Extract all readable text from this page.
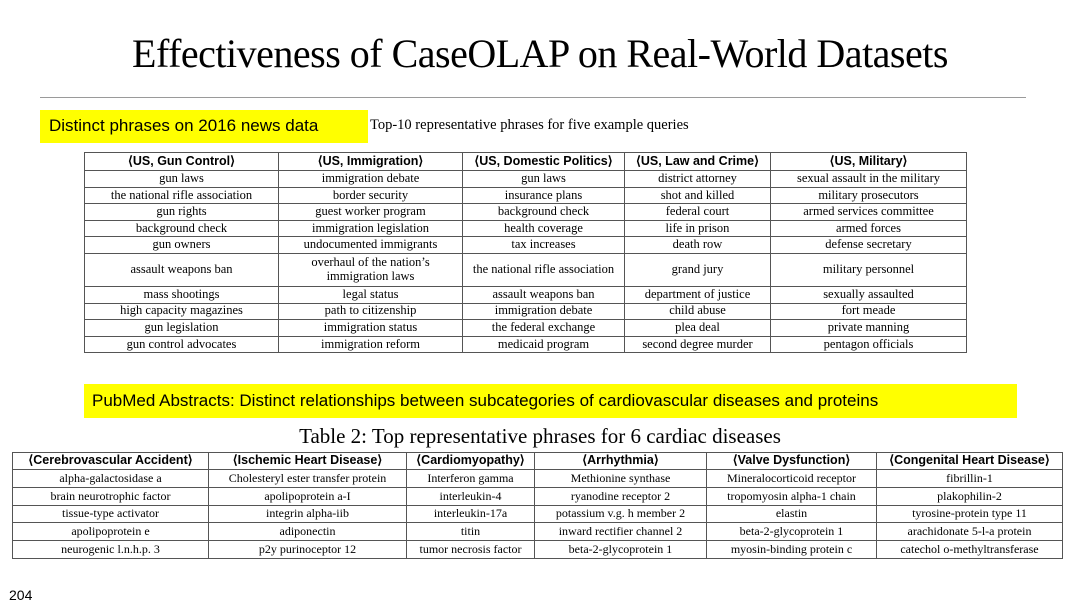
Effectiveness of CaseOLAP on Real-World Datasets
Distinct phrases on 2016 news data	Top-10 representative phrases for five example queries
⟨US, Gun Control⟩	⟨US, Immigration⟩	⟨US, Domestic Politics⟩	⟨US, Law and Crime⟩	⟨US, Military⟩
gun laws	immigration debate	gun laws	district attorney	sexual assault in the military
the national rifle association	border security	insurance plans	shot and killed	military prosecutors
gun rights	guest worker program	background check	federal court	armed services committee
background check	immigration legislation	health coverage	life in prison	armed forces
gun owners	undocumented immigrants	tax increases	death row	defense secretary
assault weapons ban	overhaul of the nation’s immigration laws	the national rifle association	grand jury	military personnel
mass shootings	legal status	assault weapons ban	department of justice	sexually assaulted
high capacity magazines	path to citizenship	immigration debate	child abuse	fort meade
gun legislation	immigration status	the federal exchange	plea deal	private manning
gun control advocates	immigration reform	medicaid program	second degree murder	pentagon officials
PubMed Abstracts: Distinct relationships between subcategories of cardiovascular diseases and proteins
Table 2: Top representative phrases for 6 cardiac diseases
⟨Cerebrovascular Accident⟩	⟨Ischemic Heart Disease⟩	⟨Cardiomyopathy⟩	⟨Arrhythmia⟩	⟨Valve Dysfunction⟩	⟨Congenital Heart Disease⟩
alpha-galactosidase a	Cholesteryl ester transfer protein	Interferon gamma	Methionine synthase	Mineralocorticoid receptor	fibrillin-1
brain neurotrophic factor	apolipoprotein a-I	interleukin-4	ryanodine receptor 2	tropomyosin alpha-1 chain	plakophilin-2
tissue-type activator	integrin alpha-iib	interleukin-17a	potassium v.g. h member 2	elastin	tyrosine-protein type 11
apolipoprotein e	adiponectin	titin	inward rectifier channel 2	beta-2-glycoprotein 1	arachidonate 5-l-a protein
neurogenic l.n.h.p. 3	p2y purinoceptor 12	tumor necrosis factor	beta-2-glycoprotein 1	myosin-binding protein c	catechol o-methyltransferase
204
